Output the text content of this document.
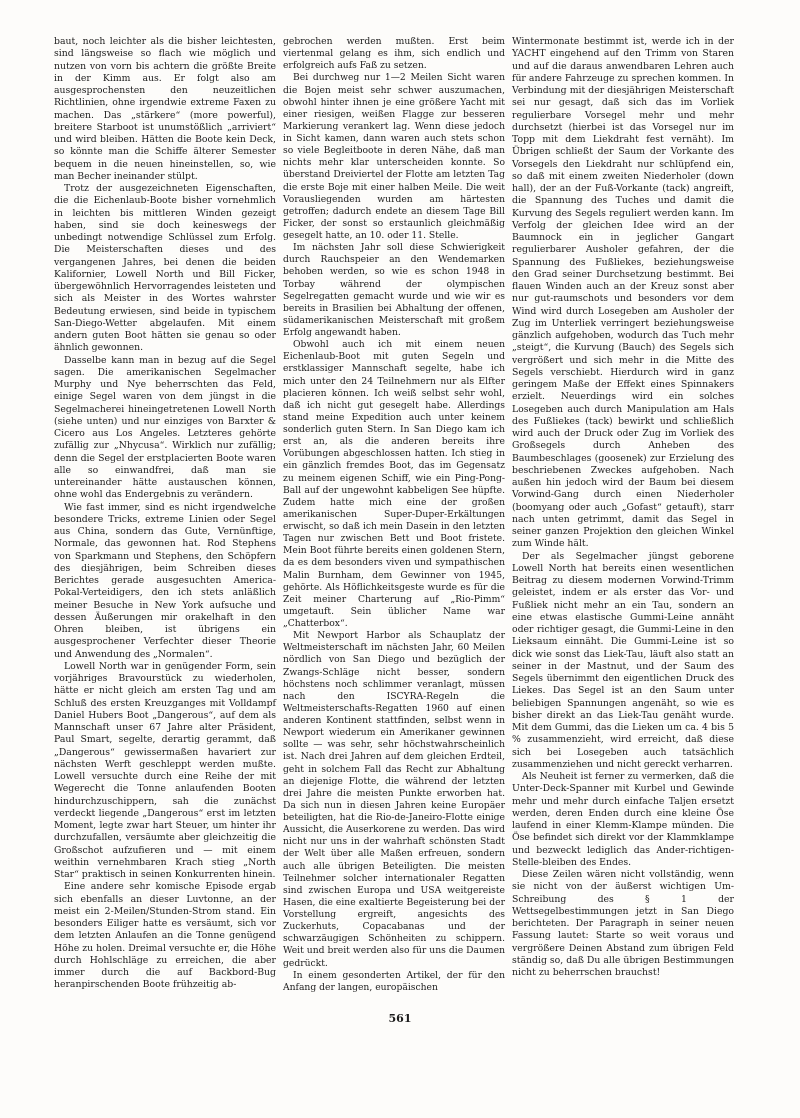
baut, noch leichter als die bisher leichtesten, sind längsweise so flach wie möglich und nutzen von vorn bis achtern die größte Breite in der Kimm aus. Er folgt also am ausgesprochensten den neuzeitlichen Richtlinien, ohne irgendwie extreme Faxen zu machen. Das „stärkere“ (more powerful), breitere Starboot ist unumstößlich „arriviert“ und wird bleiben. Hätten die Boote kein Deck, so könnte man die Schiffe älterer Semester bequem in die neuen hineinstellen, so, wie man Becher ineinander stülpt.

Trotz der ausgezeichneten Eigenschaften, die die Eichenlaub-Boote bisher vornehmlich in leichten bis mittleren Winden gezeigt haben, sind sie doch keineswegs der unbedingt notwendige Schlüssel zum Erfolg. Die Meisterschaften dieses und des vergangenen Jahres, bei denen die beiden Kalifornier, Lowell North und Bill Ficker, übergewöhnlich Hervorragendes leisteten und sich als Meister in des Wortes wahrster Bedeutung erwiesen, sind beide in typischem San-Diego-Wetter abgelaufen. Mit einem andern guten Boot hätten sie genau so oder ähnlich gewonnen.

Dasselbe kann man in bezug auf die Segel sagen. Die amerikanischen Segelmacher Murphy und Nye beherrschten das Feld, einige Segel waren von dem jüngst in die Segelmacherei hineingetretenen Lowell North (siehe unten) und nur einziges von Barxter & Cicero aus Los Angeles. Letzteres gehörte zufällig zur „Nhycusa“. Wirklich nur zufällig; denn die Segel der erstplacierten Boote waren alle so einwandfrei, daß man sie untereinander hätte austauschen können, ohne wohl das Endergebnis zu verändern.

Wie fast immer, sind es nicht irgendwelche besondere Tricks, extreme Linien oder Segel aus China, sondern das Gute, Vernünftige, Normale, das gewonnen hat. Rod Stephens von Sparkmann und Stephens, den Schöpfern des diesjährigen, beim Schreiben dieses Berichtes gerade ausgesuchten America-Pokal-Verteidigers, den ich stets anläßlich meiner Besuche in New York aufsuche und dessen Äußerungen mir orakelhaft in den Ohren bleiben, ist übrigens ein ausgesprochener Verfechter dieser Theorie und Anwendung des „Normalen“.

Lowell North war in genügender Form, sein vorjähriges Bravourstück zu wiederholen, hätte er nicht gleich am ersten Tag und am Schluß des ersten Kreuzganges mit Volldampf Daniel Hubers Boot „Dangerous“, auf dem als Mannschaft unser 67 Jahre alter Präsident, Paul Smart, segelte, derartig gerammt, daß „Dangerous“ gewissermaßen havariert zur nächsten Werft geschleppt werden mußte. Lowell versuchte durch eine Reihe der mit Wegerecht die Tonne anlaufenden Booten hindurchzuschippern, sah die zunächst verdeckt liegende „Dangerous“ erst im letzten Moment, legte zwar hart Steuer, um hinter ihr durchzufallen, versäumte aber gleichzeitig die Großschot aufzufieren und — mit einem weithin vernehmbaren Krach stieg „North Star“ praktisch in seinen Konkurrenten hinein.

Eine andere sehr komische Episode ergab sich ebenfalls an dieser Luvtonne, an der meist ein 2-Meilen/Stunden-Strom stand. Ein besonders Eiliger hatte es versäumt, sich vor dem letzten Anlaufen an die Tonne genügend Höhe zu holen. Dreimal versuchte er, die Höhe durch Hohlschläge zu erreichen, die aber immer durch die auf Backbord-Bug heranpirschenden Boote frühzeitig ab-

gebrochen werden mußten. Erst beim viertenmal gelang es ihm, sich endlich und erfolgreich aufs Faß zu setzen.

Bei durchweg nur 1—2 Meilen Sicht waren die Bojen meist sehr schwer auszumachen, obwohl hinter ihnen je eine größere Yacht mit einer riesigen, weißen Flagge zur besseren Markierung verankert lag. Wenn diese jedoch in Sicht kamen, dann waren auch stets schon so viele Begleitboote in deren Nähe, daß man nichts mehr klar unterscheiden konnte. So überstand Dreiviertel der Flotte am letzten Tag die erste Boje mit einer halben Meile. Die weit Vorausliegenden wurden am härtesten getroffen; dadurch endete an diesem Tage Bill Ficker, der sonst so erstaunlich gleichmäßig gesegelt hatte, an 10. oder 11. Stelle.

Im nächsten Jahr soll diese Schwierigkeit durch Rauchspeier an den Wendemarken behoben werden, so wie es schon 1948 in Torbay während der olympischen Segelregatten gemacht wurde und wie wir es bereits in Brasilien bei Abhaltung der offenen, südamerikanischen Meisterschaft mit großem Erfolg angewandt haben.

Obwohl auch ich mit einem neuen Eichenlaub-Boot mit guten Segeln und erstklassiger Mannschaft segelte, habe ich mich unter den 24 Teilnehmern nur als Elfter placieren können. Ich weiß selbst sehr wohl, daß ich nicht gut gesegelt habe. Allerdings stand meine Expedition auch unter keinem sonderlich guten Stern. In San Diego kam ich erst an, als die anderen bereits ihre Vorübungen abgeschlossen hatten. Ich stieg in ein gänzlich fremdes Boot, das im Gegensatz zu meinem eigenen Schiff, wie ein Ping-Pong-Ball auf der ungewohnt kabbeligen See hüpfte. Zudem hatte mich eine der großen amerikanischen Super-Duper-Erkältungen erwischt, so daß ich mein Dasein in den letzten Tagen nur zwischen Bett und Boot fristete. Mein Boot führte bereits einen goldenen Stern, da es dem besonders viven und sympathischen Malin Burnham, dem Gewinner von 1945, gehörte. Als Höflichkeitsgeste wurde es für die Zeit meiner Charterung auf „Rio-Pimm“ umgetauft. Sein üblicher Name war „Chatterbox“.

Mit Newport Harbor als Schauplatz der Weltmeisterschaft im nächsten Jahr, 60 Meilen nördlich von San Diego und bezüglich der Zwangs-Schläge nicht besser, sondern höchstens noch schlimmer veranlagt, müssen nach den ISCYRA-Regeln die Weltmeisterschafts-Regatten 1960 auf einen anderen Kontinent stattfinden, selbst wenn in Newport wiederum ein Amerikaner gewinnen sollte — was sehr, sehr höchstwahrscheinlich ist. Nach drei Jahren auf dem gleichen Erdteil, geht in solchem Fall das Recht zur Abhaltung an diejenige Flotte, die während der letzten drei Jahre die meisten Punkte erworben hat. Da sich nun in diesen Jahren keine Europäer beteiligten, hat die Rio-de-Janeiro-Flotte einige Aussicht, die Auserkorene zu werden. Das wird nicht nur uns in der wahrhaft schönsten Stadt der Welt über alle Maßen erfreuen, sondern auch alle übrigen Beteiligten. Die meisten Teilnehmer solcher internationaler Regatten sind zwischen Europa und USA weitgereiste Hasen, die eine exaltierte Begeisterung bei der Vorstellung ergreift, angesichts des Zuckerhuts, Copacabanas und der schwarzäugigen Schönheiten zu schippern. Weit und breit werden also für uns die Daumen gedrückt.

In einem gesonderten Artikel, der für den Anfang der langen, europäischen

Wintermonate bestimmt ist, werde ich in der YACHT eingehend auf den Trimm von Staren und auf die daraus anwendbaren Lehren auch für andere Fahrzeuge zu sprechen kommen. In Verbindung mit der diesjährigen Meisterschaft sei nur gesagt, daß sich das im Vorliek regulierbare Vorsegel mehr und mehr durchsetzt (hierbei ist das Vorsegel nur im Topp mit dem Liekdraht fest vernäht). Im Übrigen schließt der Saum der Vorkante des Vorsegels den Liekdraht nur schlüpfend ein, so daß mit einem zweiten Niederholer (down hall), der an der Fuß-Vorkante (tack) angreift, die Spannung des Tuches und damit die Kurvung des Segels reguliert werden kann. Im Verfolg der gleichen Idee wird an der Baumnock ein in jeglicher Gangart regulierbarer Ausholer gefahren, der die Spannung des Fußliekes, beziehungsweise den Grad seiner Durchsetzung bestimmt. Bei flauen Winden auch an der Kreuz sonst aber nur gut-raumschots und besonders vor dem Wind wird durch Losegeben am Ausholer der Zug im Unterliek verringert beziehungsweise gänzlich aufgehoben, wodurch das Tuch mehr „steigt“, die Kurvung (Bauch) des Segels sich vergrößert und sich mehr in die Mitte des Segels verschiebt. Hierdurch wird in ganz geringem Maße der Effekt eines Spinnakers erzielt. Neuerdings wird ein solches Losegeben auch durch Manipulation am Hals des Fußliekes (tack) bewirkt und schließlich wird auch der Druck oder Zug im Vorliek des Großsegels durch Anheben des Baumbeschlages (goosenek) zur Erzielung des beschriebenen Zweckes aufgehoben. Nach außen hin jedoch wird der Baum bei diesem Vorwind-Gang durch einen Niederholer (boomyang oder auch „Gofast“ getauft), starr nach unten getrimmt, damit das Segel in seiner ganzen Projektion den gleichen Winkel zum Winde hält.

Der als Segelmacher jüngst geborene Lowell North hat bereits einen wesentlichen Beitrag zu diesem modernen Vorwind-Trimm geleistet, indem er als erster das Vor- und Fußliek nicht mehr an ein Tau, sondern an eine etwas elastische Gummi-Leine annäht oder richtiger gesagt, die Gummi-Leine in den Lieksaum einnäht. Die Gummi-Leine ist so dick wie sonst das Liek-Tau, läuft also statt an seiner in der Mastnut, und der Saum des Segels übernimmt den eigentlichen Druck des Liekes. Das Segel ist an den Saum unter beliebigen Spannungen angenäht, so wie es bisher direkt an das Liek-Tau genäht wurde. Mit dem Gummi, das die Lieken um ca. 4 bis 5 % zusammenzieht, wird erreicht, daß diese sich bei Losegeben auch tatsächlich zusammenziehen und nicht gereckt verharren.

Als Neuheit ist ferner zu vermerken, daß die Unter-Deck-Spanner mit Kurbel und Gewinde mehr und mehr durch einfache Taljen ersetzt werden, deren Enden durch eine kleine Öse laufend in einer Klemm-Klampe münden. Die Öse befindet sich direkt vor der Klammklampe und bezweckt lediglich das Ander-richtigen-Stelle-bleiben des Endes.

Diese Zeilen wären nicht vollständig, wenn sie nicht von der äußerst wichtigen Um-Schreibung des § 1 der Wettsegelbestimmungen jetzt in San Diego berichteten. Der Paragraph in seiner neuen Fassung lautet: Starte so weit voraus und vergrößere Deinen Abstand zum übrigen Feld ständig so, daß Du alle übrigen Bestimmungen nicht zu beherrschen brauchst!

561
